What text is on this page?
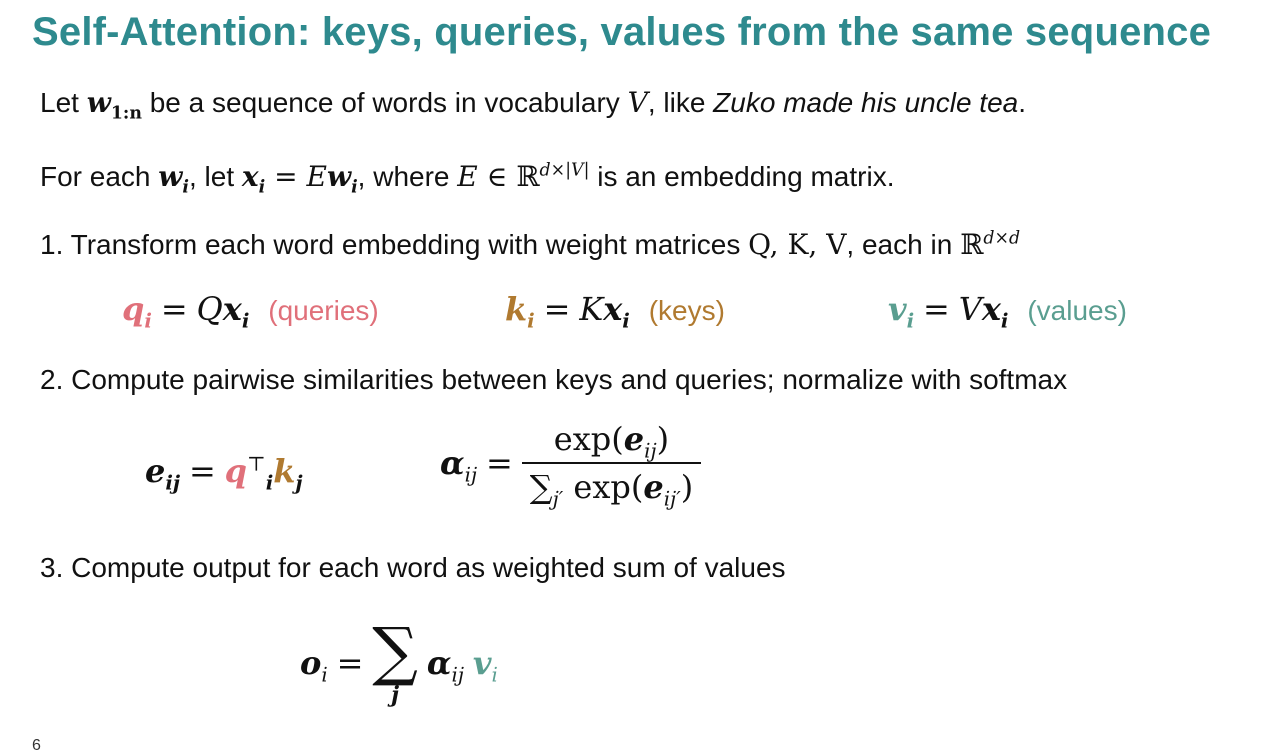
Self-Attention: keys, queries, values from the same sequence
Let $w_{1:n}$ be a sequence of words in vocabulary V, like Zuko made his uncle tea.
For each $w_i$, let $x_i = Ew_i$, where E ∈ ℝ$^{d\times|V|}$ is an embedding matrix.
1. Transform each word embedding with weight matrices Q, K, V, each in ℝ$^{d\times d}$
$q_i = Qx_i$ (queries)	$k_i = Kx_i$ (keys)	$v_i = Vx_i$ (values)
2. Compute pairwise similarities between keys and queries; normalize with softmax
$e_{ij} = q^⊤_ik_j$
$\alpha_{ij} = \frac{\exp(e_{ij})}{\sum_{j'} \exp(e_{ij'})}$
3. Compute output for each word as weighted sum of values
$o_i$ = ∑
j
$\alpha_{ij}$ $v_i$
6
